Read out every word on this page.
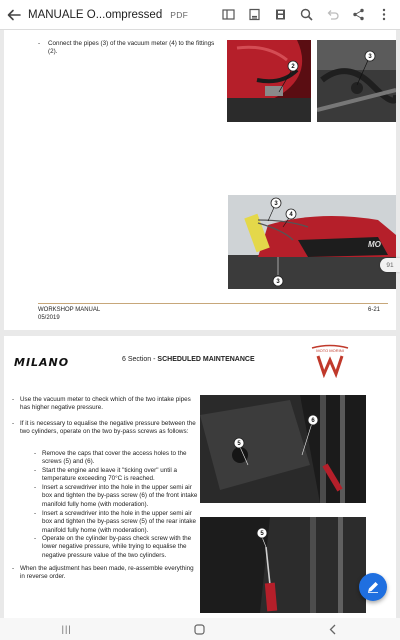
MANUALE O...ompressed PDF
- Connect the pipes (3) of the vacuum meter (4) to the fittings (2).
2
3
MO
3
4
3
WORKSHOP MANUAL
05/2019
6-21
91
MILANO	6 Section - SCHEDULED MAINTENANCE
MOTO MORINI
- Use the vacuum meter to check which of the two intake pipes has higher negative pressure.
- If it is necessary to equalise the negative pressure between the two cylinders, operate on the two by-pass screws as follows:
- Remove the caps that cover the access holes to the screws (5) and (6).
- Start the engine and leave it "ticking over" until a temperature exceeding 70°C is reached.
- Insert a screwdriver into the hole in the upper semi air box and tighten the by-pass screw (6) of the front intake manifold fully home (with moderation).
- Insert a screwdriver into the hole in the upper semi air box and tighten the by-pass screw (5) of the rear intake manifold fully home (with moderation).
- Operate on the cylinder by-pass check screw with the lower negative pressure, while trying to equalise the negative pressure value of the two cylinders.
- When the adjustment has been made, re-assemble everything in reverse order.
6
5
5
|||
